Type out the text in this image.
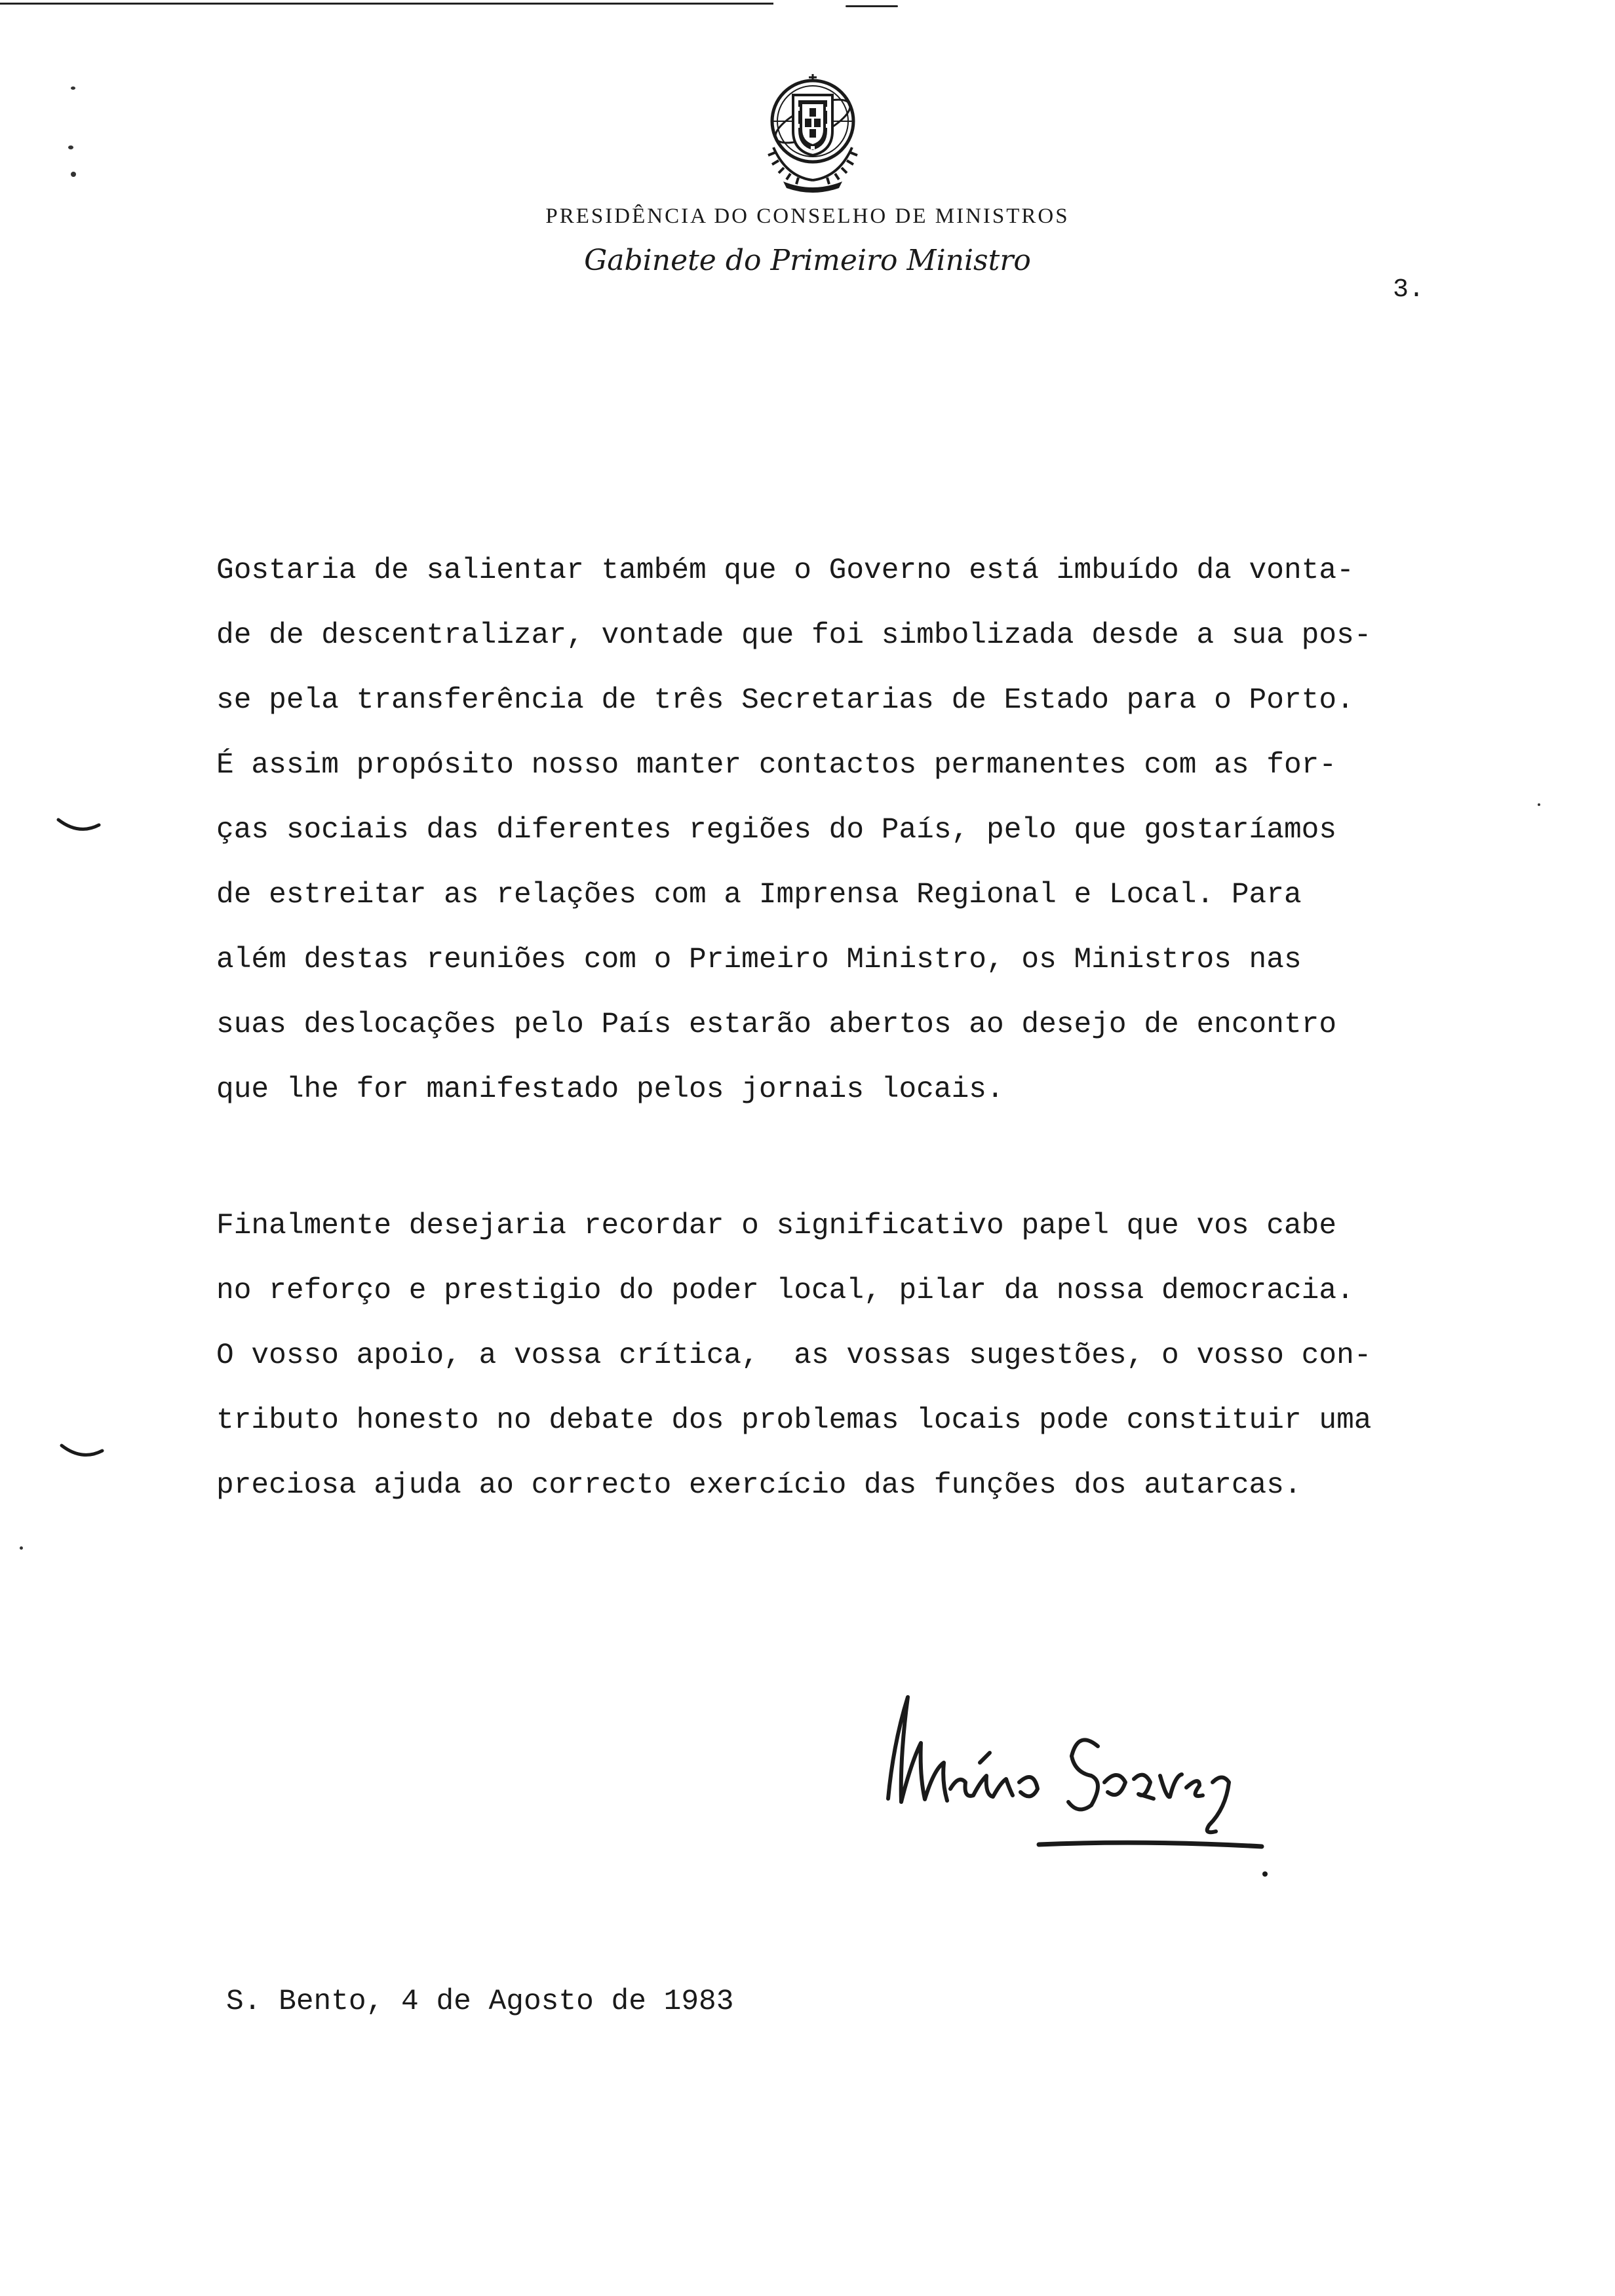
PRESIDÊNCIA DO CONSELHO DE MINISTROS
Gabinete do Primeiro Ministro
3.
Gostaria de salientar também que o Governo está imbuído da vonta-
de de descentralizar, vontade que foi simbolizada desde a sua pos-
se pela transferência de três Secretarias de Estado para o Porto.
É assim propósito nosso manter contactos permanentes com as for-
ças sociais das diferentes regiões do País, pelo que gostaríamos
de estreitar as relações com a Imprensa Regional e Local. Para
além destas reuniões com o Primeiro Ministro, os Ministros nas
suas deslocações pelo País estarão abertos ao desejo de encontro
que lhe for manifestado pelos jornais locais.
Finalmente desejaria recordar o significativo papel que vos cabe
no reforço e prestigio do poder local, pilar da nossa democracia.
O vosso apoio, a vossa crítica,  as vossas sugestões, o vosso con-
tributo honesto no debate dos problemas locais pode constituir uma
preciosa ajuda ao correcto exercício das funções dos autarcas.
S. Bento, 4 de Agosto de 1983
